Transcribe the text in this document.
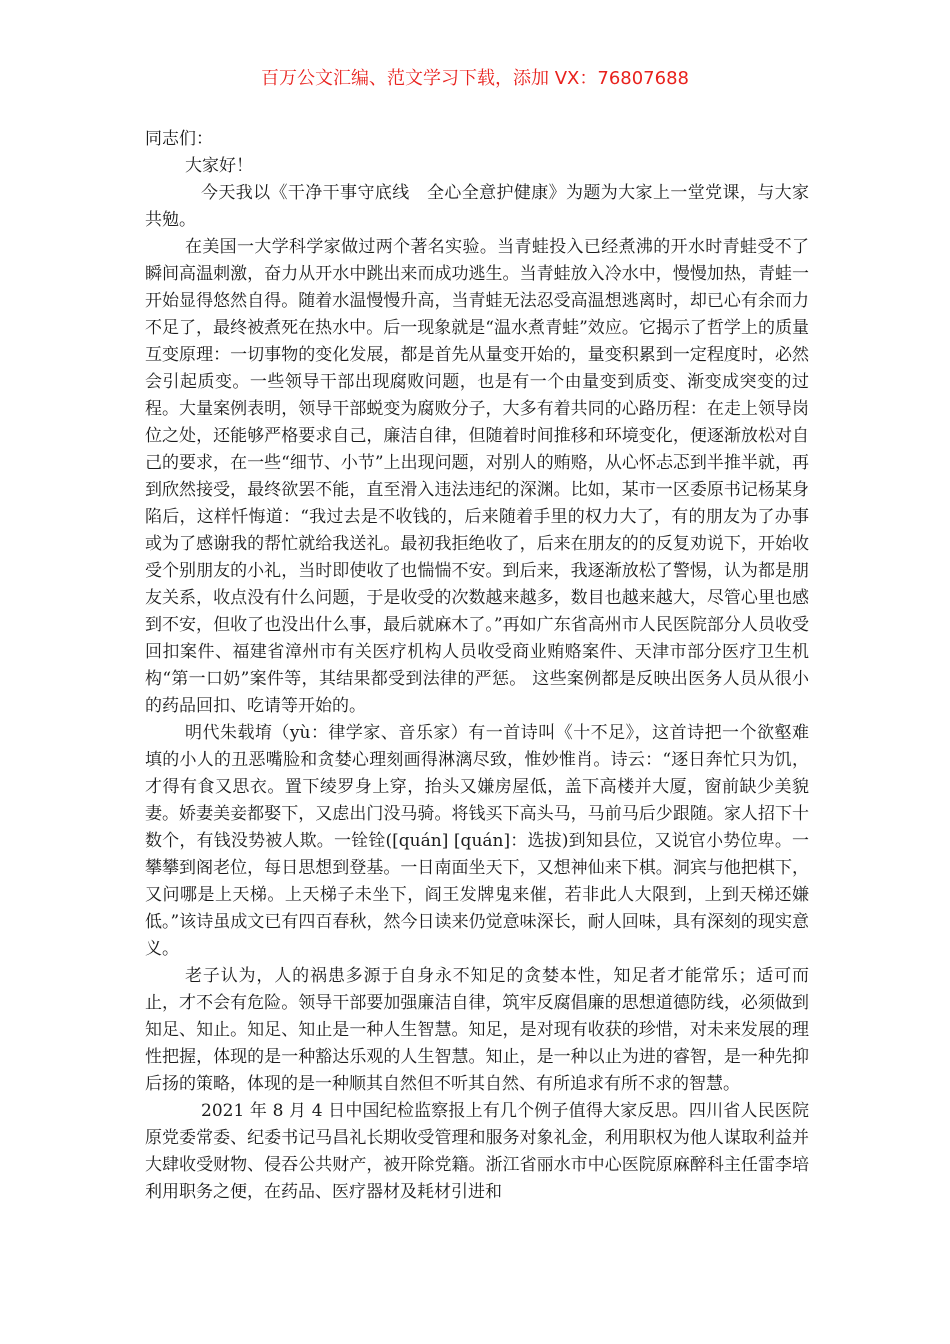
百万公文汇编、范文学习下载，添加 VX：76807688

同志们：

大家好！

今天我以《干净干事守底线　全心全意护健康》为题为大家上一堂党课，与大家共勉。

在美国一大学科学家做过两个著名实验。当青蛙投入已经煮沸的开水时青蛙受不了瞬间高温刺激，奋力从开水中跳出来而成功逃生。当青蛙放入冷水中，慢慢加热，青蛙一开始显得悠然自得。随着水温慢慢升高，当青蛙无法忍受高温想逃离时，却已心有余而力不足了，最终被煮死在热水中。后一现象就是“温水煮青蛙”效应。它揭示了哲学上的质量互变原理：一切事物的变化发展，都是首先从量变开始的，量变积累到一定程度时，必然会引起质变。一些领导干部出现腐败问题，也是有一个由量变到质变、渐变成突变的过程。大量案例表明，领导干部蜕变为腐败分子，大多有着共同的心路历程：在走上领导岗位之处，还能够严格要求自己，廉洁自律，但随着时间推移和环境变化，便逐渐放松对自己的要求，在一些“细节、小节”上出现问题，对别人的贿赂，从心怀忐忑到半推半就，再到欣然接受，最终欲罢不能，直至滑入违法违纪的深渊。比如，某市一区委原书记杨某身陷后，这样忏悔道：“我过去是不收钱的，后来随着手里的权力大了，有的朋友为了办事或为了感谢我的帮忙就给我送礼。最初我拒绝收了，后来在朋友的的反复劝说下，开始收受个别朋友的小礼，当时即使收了也惴惴不安。到后来，我逐渐放松了警惕，认为都是朋友关系，收点没有什么问题，于是收受的次数越来越多，数目也越来越大，尽管心里也感到不安，但收了也没出什么事，最后就麻木了。”再如广东省高州市人民医院部分人员收受回扣案件、福建省漳州市有关医疗机构人员收受商业贿赂案件、天津市部分医疗卫生机构“第一口奶”案件等，其结果都受到法律的严惩。 这些案例都是反映出医务人员从很小的药品回扣、吃请等开始的。

明代朱载堉（yù：律学家、音乐家）有一首诗叫《十不足》，这首诗把一个欲壑难填的小人的丑恶嘴脸和贪婪心理刻画得淋漓尽致，惟妙惟肖。诗云：“逐日奔忙只为饥，才得有食又思衣。置下绫罗身上穿，抬头又嫌房屋低，盖下高楼并大厦，窗前缺少美貌妻。娇妻美妾都娶下，又虑出门没马骑。将钱买下高头马，马前马后少跟随。家人招下十数个，有钱没势被人欺。一铨铨([quán] [quán]：选拔)到知县位，又说官小势位卑。一攀攀到阁老位，每日思想到登基。一日南面坐天下，又想神仙来下棋。洞宾与他把棋下，又问哪是上天梯。上天梯子未坐下，阎王发牌鬼来催，若非此人大限到，上到天梯还嫌低。”该诗虽成文已有四百春秋，然今日读来仍觉意味深长，耐人回味，具有深刻的现实意义。

老子认为，人的祸患多源于自身永不知足的贪婪本性，知足者才能常乐；适可而止，才不会有危险。领导干部要加强廉洁自律，筑牢反腐倡廉的思想道德防线，必须做到知足、知止。知足、知止是一种人生智慧。知足，是对现有收获的珍惜，对未来发展的理性把握，体现的是一种豁达乐观的人生智慧。知止，是一种以止为进的睿智，是一种先抑后扬的策略，体现的是一种顺其自然但不听其自然、有所追求有所不求的智慧。

2021 年 8 月 4 日中国纪检监察报上有几个例子值得大家反思。四川省人民医院原党委常委、纪委书记马昌礼长期收受管理和服务对象礼金，利用职权为他人谋取利益并大肆收受财物、侵吞公共财产，被开除党籍。浙江省丽水市中心医院原麻醉科主任雷李培利用职务之便，在药品、医疗器材及耗材引进和
